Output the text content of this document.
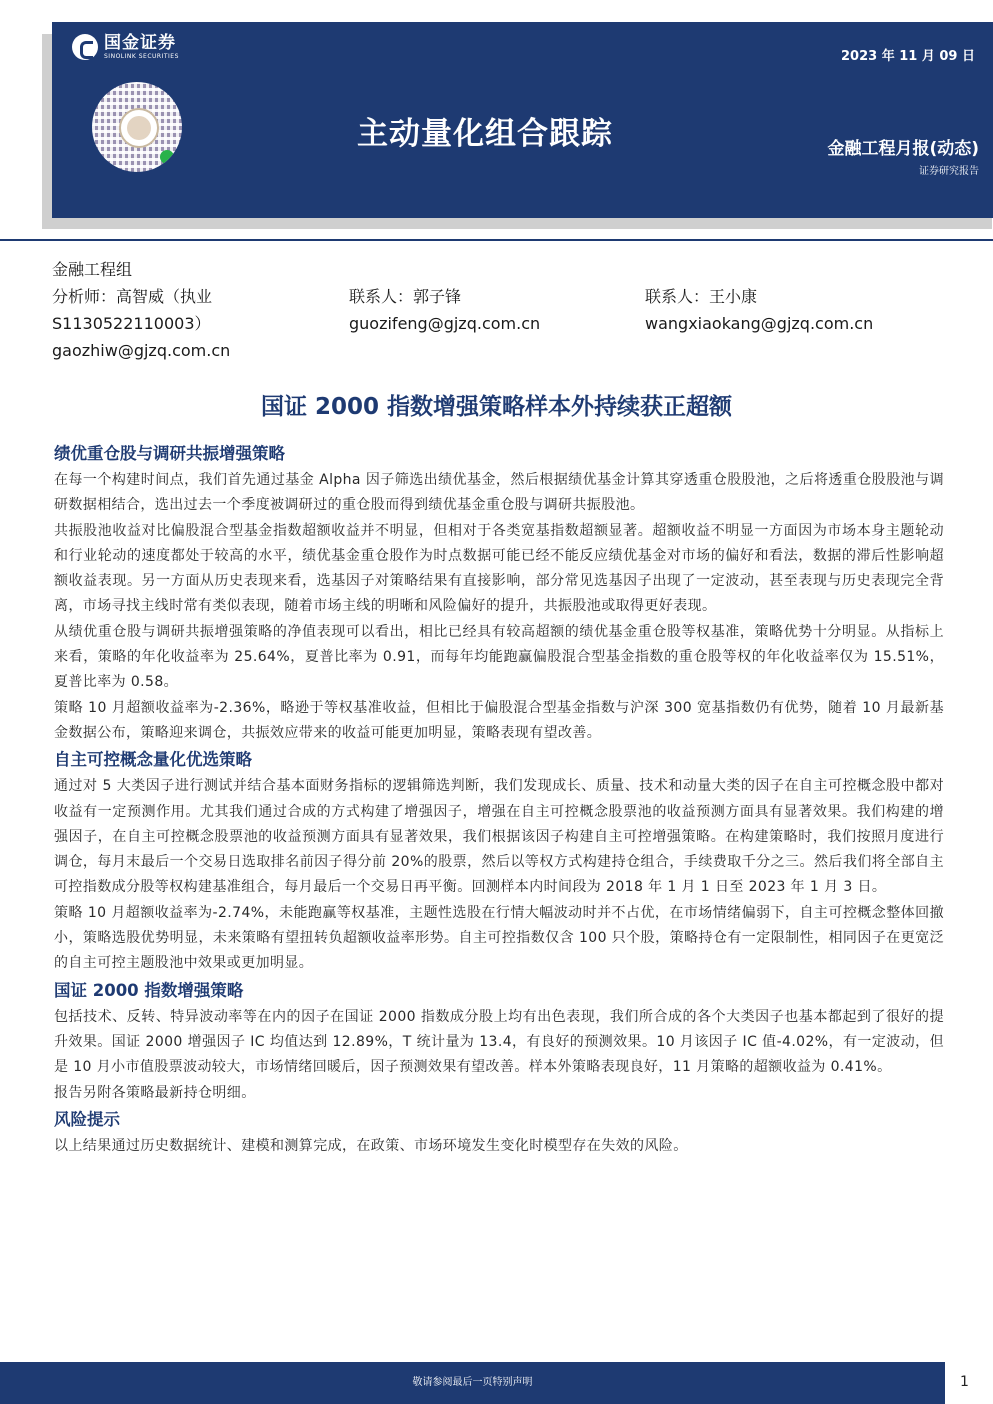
国金证券
SINOLINK SECURITIES
主动量化组合跟踪
2023 年 11 月 09 日
金融工程月报(动态)
证券研究报告
金融工程组
分析师：高智威（执业
S1130522110003）
gaozhiw@gjzq.com.cn
联系人：郭子锋
guozifeng@gjzq.com.cn
联系人：王小康
wangxiaokang@gjzq.com.cn
国证 2000 指数增强策略样本外持续获正超额
绩优重仓股与调研共振增强策略

在每一个构建时间点，我们首先通过基金 Alpha 因子筛选出绩优基金，然后根据绩优基金计算其穿透重仓股股池，之后将透重仓股股池与调研数据相结合，选出过去一个季度被调研过的重仓股而得到绩优基金重仓股与调研共振股池。

共振股池收益对比偏股混合型基金指数超额收益并不明显，但相对于各类宽基指数超额显著。超额收益不明显一方面因为市场本身主题轮动和行业轮动的速度都处于较高的水平，绩优基金重仓股作为时点数据可能已经不能反应绩优基金对市场的偏好和看法，数据的滞后性影响超额收益表现。另一方面从历史表现来看，选基因子对策略结果有直接影响，部分常见选基因子出现了一定波动，甚至表现与历史表现完全背离，市场寻找主线时常有类似表现，随着市场主线的明晰和风险偏好的提升，共振股池或取得更好表现。

从绩优重仓股与调研共振增强策略的净值表现可以看出，相比已经具有较高超额的绩优基金重仓股等权基准，策略优势十分明显。从指标上来看，策略的年化收益率为 25.64%，夏普比率为 0.91，而每年均能跑赢偏股混合型基金指数的重仓股等权的年化收益率仅为 15.51%，夏普比率为 0.58。

策略 10 月超额收益率为-2.36%，略逊于等权基准收益，但相比于偏股混合型基金指数与沪深 300 宽基指数仍有优势，随着 10 月最新基金数据公布，策略迎来调仓，共振效应带来的收益可能更加明显，策略表现有望改善。

自主可控概念量化优选策略

通过对 5 大类因子进行测试并结合基本面财务指标的逻辑筛选判断，我们发现成长、质量、技术和动量大类的因子在自主可控概念股中都对收益有一定预测作用。尤其我们通过合成的方式构建了增强因子，增强在自主可控概念股票池的收益预测方面具有显著效果。我们构建的增强因子，在自主可控概念股票池的收益预测方面具有显著效果，我们根据该因子构建自主可控增强策略。在构建策略时，我们按照月度进行调仓，每月末最后一个交易日选取排名前因子得分前 20%的股票，然后以等权方式构建持仓组合，手续费取千分之三。然后我们将全部自主可控指数成分股等权构建基准组合，每月最后一个交易日再平衡。回测样本内时间段为 2018 年 1 月 1 日至 2023 年 1 月 3 日。

策略 10 月超额收益率为-2.74%，未能跑赢等权基准，主题性选股在行情大幅波动时并不占优，在市场情绪偏弱下，自主可控概念整体回撤小，策略选股优势明显，未来策略有望扭转负超额收益率形势。自主可控指数仅含 100 只个股，策略持仓有一定限制性，相同因子在更宽泛的自主可控主题股池中效果或更加明显。

国证 2000 指数增强策略

包括技术、反转、特异波动率等在内的因子在国证 2000 指数成分股上均有出色表现，我们所合成的各个大类因子也基本都起到了很好的提升效果。国证 2000 增强因子 IC 均值达到 12.89%，T 统计量为 13.4，有良好的预测效果。10 月该因子 IC 值-4.02%，有一定波动，但是 10 月小市值股票波动较大，市场情绪回暖后，因子预测效果有望改善。样本外策略表现良好，11 月策略的超额收益为 0.41%。

报告另附各策略最新持仓明细。

风险提示

以上结果通过历史数据统计、建模和测算完成，在政策、市场环境发生变化时模型存在失效的风险。

敬请参阅最后一页特别声明	1
